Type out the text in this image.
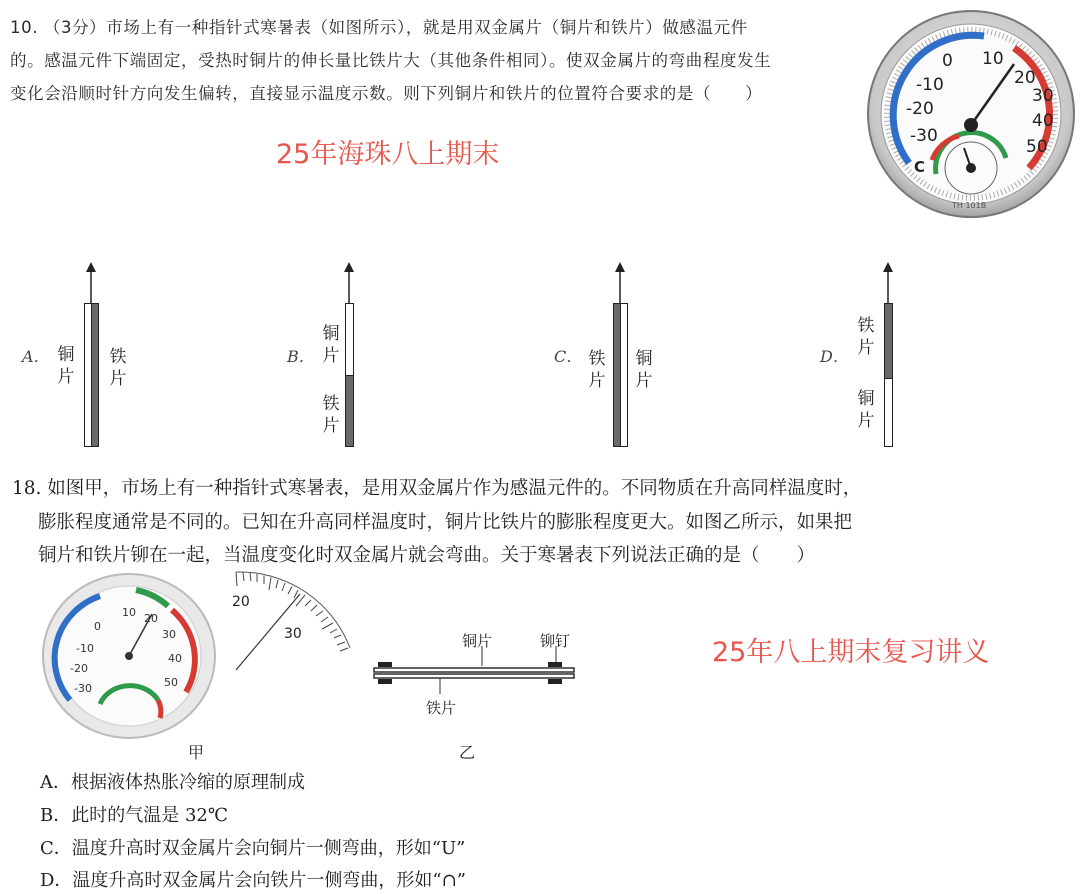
10. （3分）市场上有一种指针式寒暑表（如图所示），就是用双金属片（铜片和铁片）做感温元件
的。感温元件下端固定，受热时铜片的伸长量比铁片大（其他条件相同）。使双金属片的弯曲程度发生
变化会沿顺时针方向发生偏转，直接显示温度示数。则下列铜片和铁片的位置符合要求的是（　　）
25年海珠八上期末
10
0
-10
-20
-30
20
30
40
50
C
TH 101B
A． 铜片
铁片
B．
铜片
铁片
C． 铁片
铜片
D．
铁片
铜片
18. 如图甲，市场上有一种指针式寒暑表，是用双金属片作为感温元件的。不同物质在升高同样温度时，
膨胀程度通常是不同的。已知在升高同样温度时，铜片比铁片的膨胀程度更大。如图乙所示，如果把
铜片和铁片铆在一起，当温度变化时双金属片就会弯曲。关于寒暑表下列说法正确的是（　　）
10 20
0
-10
-20
-30
30
40
50
甲
20
30	铜片	铆钉
铁片
乙
25年八上期末复习讲义
A．根据液体热胀冷缩的原理制成
B．此时的气温是 32℃
C．温度升高时双金属片会向铜片一侧弯曲，形如“U”
D．温度升高时双金属片会向铁片一侧弯曲，形如“∩”
